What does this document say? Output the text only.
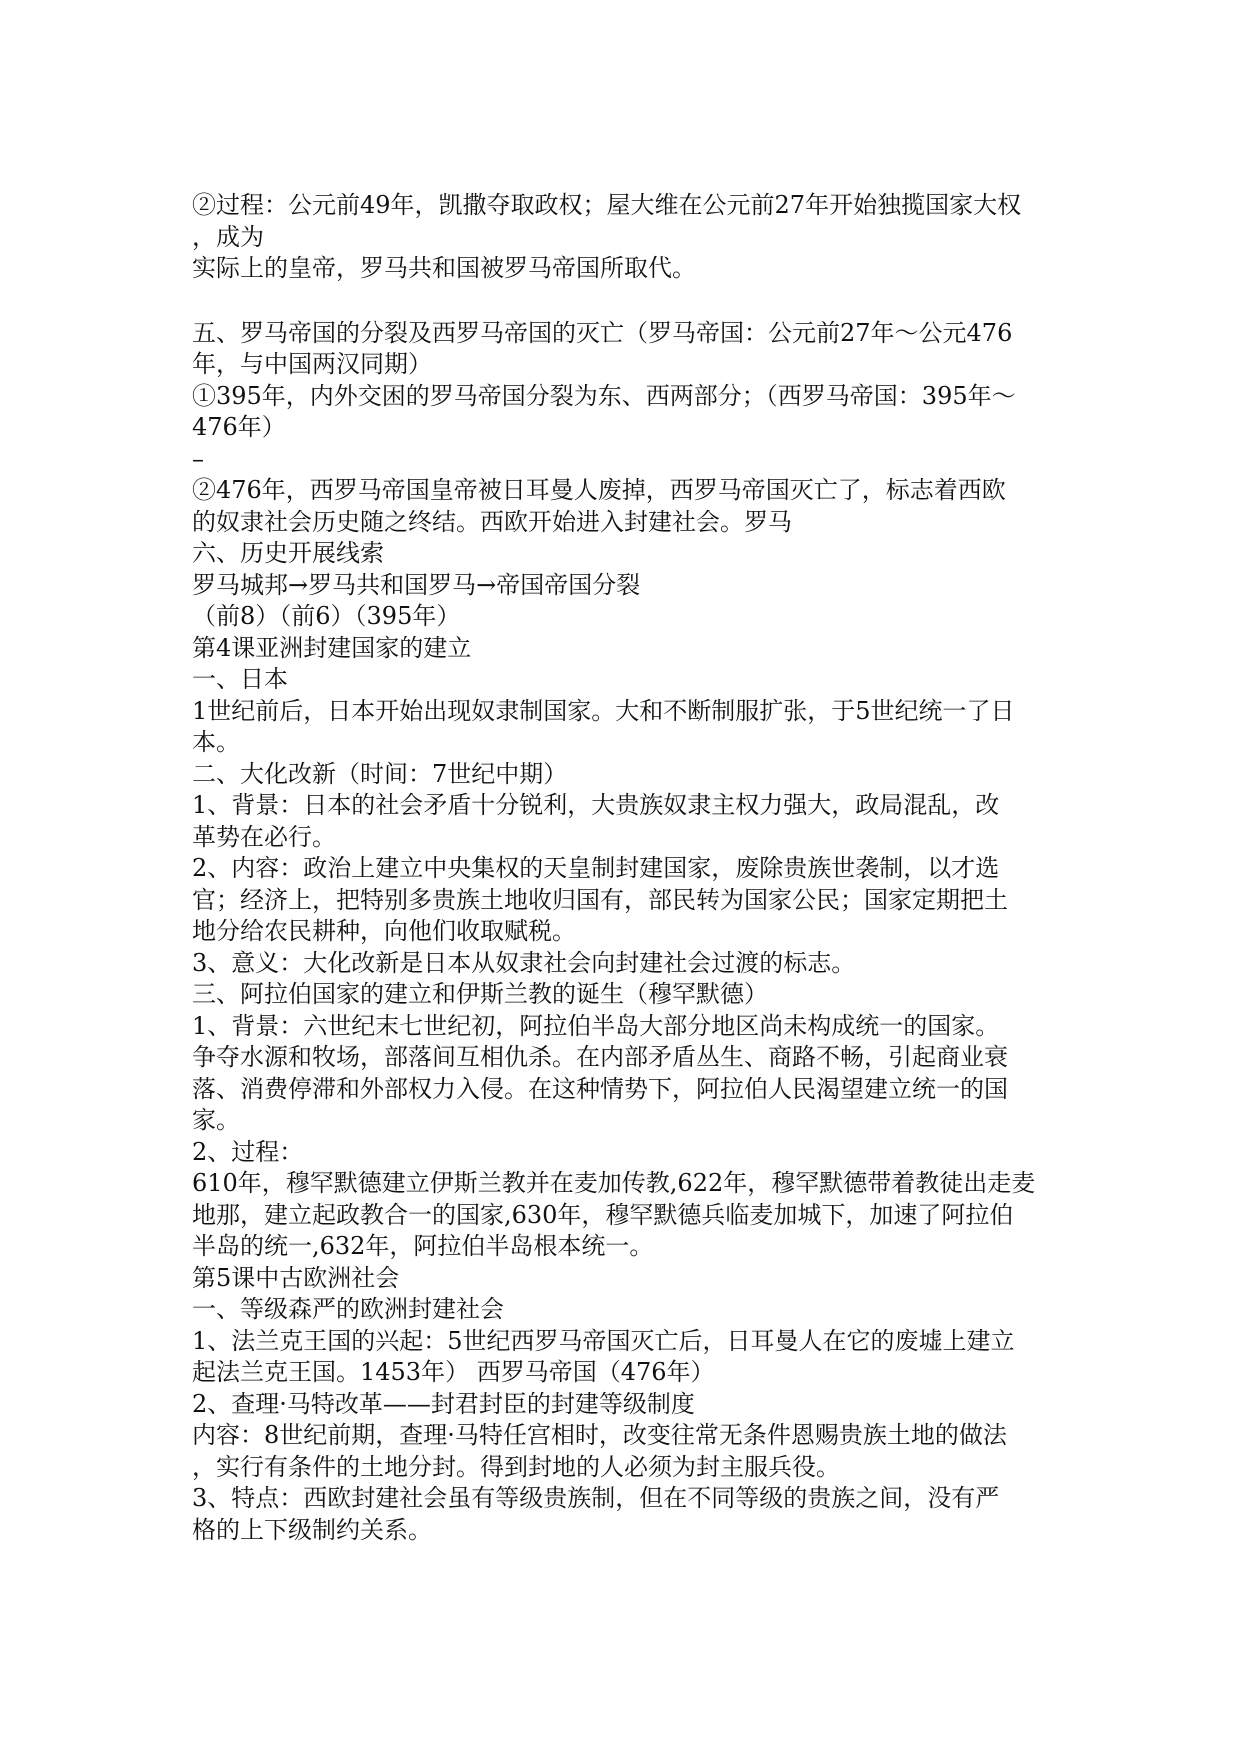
②过程：公元前49年，凯撒夺取政权；屋大维在公元前27年开始独揽国家大权

，成为

实际上的皇帝，罗马共和国被罗马帝国所取代。

五、罗马帝国的分裂及西罗马帝国的灭亡（罗马帝国：公元前27年～公元476

年，与中国两汉同期）

①395年，内外交困的罗马帝国分裂为东、西两部分；（西罗马帝国：395年～

476年）

–

②476年，西罗马帝国皇帝被日耳曼人废掉，西罗马帝国灭亡了，标志着西欧

的奴隶社会历史随之终结。西欧开始进入封建社会。罗马

六、历史开展线索

罗马城邦→罗马共和国罗马→帝国帝国分裂

（前8）（前6）（395年）

第4课亚洲封建国家的建立

一、日本

1世纪前后，日本开始出现奴隶制国家。大和不断制服扩张，于5世纪统一了日

本。

二、大化改新（时间：7世纪中期）

1、背景：日本的社会矛盾十分锐利，大贵族奴隶主权力强大，政局混乱，改

革势在必行。

2、内容：政治上建立中央集权的天皇制封建国家，废除贵族世袭制，以才选

官；经济上，把特别多贵族土地收归国有，部民转为国家公民；国家定期把土

地分给农民耕种，向他们收取赋税。

3、意义：大化改新是日本从奴隶社会向封建社会过渡的标志。

三、阿拉伯国家的建立和伊斯兰教的诞生（穆罕默德）

1、背景：六世纪末七世纪初，阿拉伯半岛大部分地区尚未构成统一的国家。

争夺水源和牧场，部落间互相仇杀。在内部矛盾丛生、商路不畅，引起商业衰

落、消费停滞和外部权力入侵。在这种情势下，阿拉伯人民渴望建立统一的国

家。

2、过程：

610年，穆罕默德建立伊斯兰教并在麦加传教,622年，穆罕默德带着教徒出走麦

地那，建立起政教合一的国家,630年，穆罕默德兵临麦加城下，加速了阿拉伯

半岛的统一,632年，阿拉伯半岛根本统一。

第5课中古欧洲社会

一、等级森严的欧洲封建社会

1、法兰克王国的兴起：5世纪西罗马帝国灭亡后，日耳曼人在它的废墟上建立

起法兰克王国。1453年） 西罗马帝国（476年）

2、查理·马特改革——封君封臣的封建等级制度

内容：8世纪前期，查理·马特任宫相时，改变往常无条件恩赐贵族土地的做法

，实行有条件的土地分封。得到封地的人必须为封主服兵役。

3、特点：西欧封建社会虽有等级贵族制，但在不同等级的贵族之间，没有严

格的上下级制约关系。
